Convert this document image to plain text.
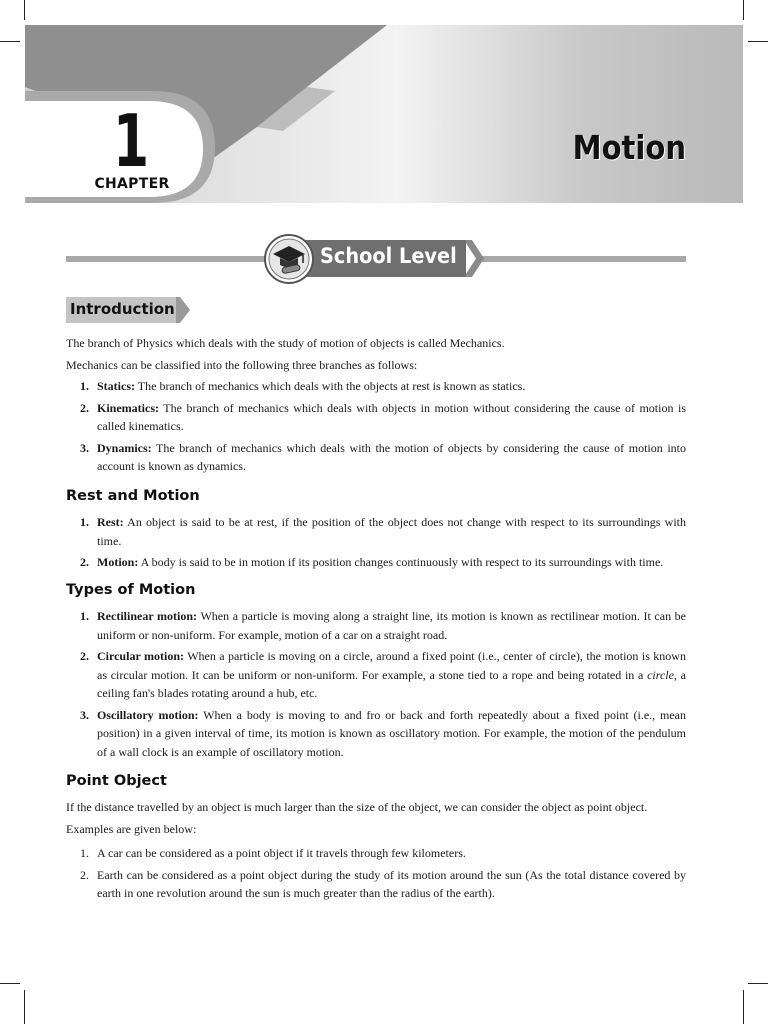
1
CHAPTER
Motion
School Level
Introduction

The branch of Physics which deals with the study of motion of objects is called Mechanics.

Mechanics can be classified into the following three branches as follows:

1. Statics: The branch of mechanics which deals with the objects at rest is known as statics.
2. Kinematics: The branch of mechanics which deals with objects in motion without considering the cause of motion is called kinematics.
3. Dynamics: The branch of mechanics which deals with the motion of objects by considering the cause of motion into account is known as dynamics.
Rest and Motion
1. Rest: An object is said to be at rest, if the position of the object does not change with respect to its surroundings with time.
2. Motion: A body is said to be in motion if its position changes continuously with respect to its surroundings with time.
Types of Motion
1. Rectilinear motion: When a particle is moving along a straight line, its motion is known as rectilinear motion. It can be uniform or non-uniform. For example, motion of a car on a straight road.
2. Circular motion: When a particle is moving on a circle, around a fixed point (i.e., center of circle), the motion is known as circular motion. It can be uniform or non-uniform. For example, a stone tied to a rope and being rotated in a circle, a ceiling fan's blades rotating around a hub, etc.
3. Oscillatory motion: When a body is moving to and fro or back and forth repeatedly about a fixed point (i.e., mean position) in a given interval of time, its motion is known as oscillatory motion. For example, the motion of the pendulum of a wall clock is an example of oscillatory motion.
Point Object

If the distance travelled by an object is much larger than the size of the object, we can consider the object as point object.

Examples are given below:

1. A car can be considered as a point object if it travels through few kilometers.
2. Earth can be considered as a point object during the study of its motion around the sun (As the total distance covered by earth in one revolution around the sun is much greater than the radius of the earth).
